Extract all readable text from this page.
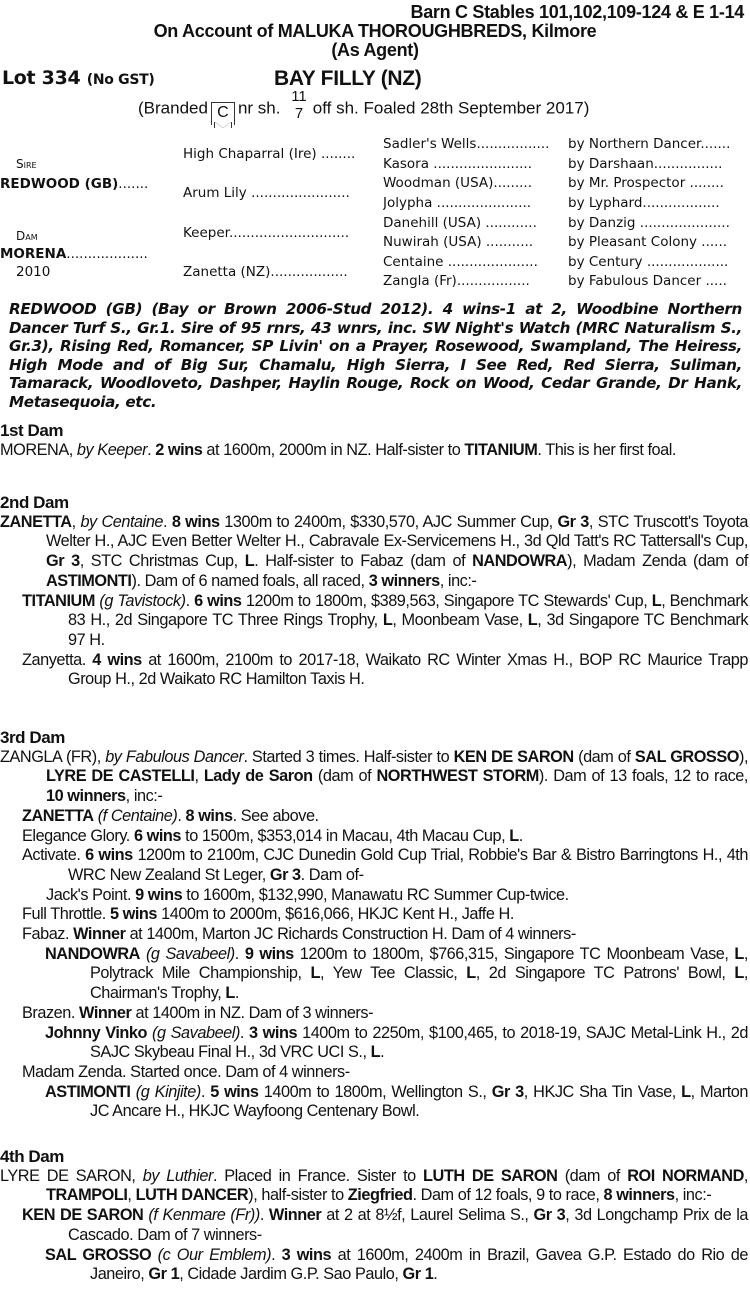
Barn C Stables 101,102,109-124 & E 1-14
On Account of MALUKA THOROUGHBREDS, Kilmore
(As Agent)
Lot 334 (No GST)	BAY FILLY (NZ)
(Branded C nr sh. 11
7 off sh. Foaled 28th September 2017)
Sire
REDWOOD (GB).......
Dam
MORENA...................
2010
High Chaparral (Ire) ........
Arum Lily .......................
Keeper............................
Zanetta (NZ)..................
Sadler's Wells.................	by Northern Dancer.......
Kasora .......................	by Darshaan................
Woodman (USA).........	by Mr. Prospector ........
Jolypha ......................	by Lyphard..................
Danehill (USA) ............	by Danzig .....................
Nuwirah (USA) ...........	by Pleasant Colony ......
Centaine .....................	by Century ...................
Zangla (Fr).................	by Fabulous Dancer .....
REDWOOD (GB) (Bay or Brown 2006-Stud 2012). 4 wins-1 at 2, Woodbine Northern Dancer Turf S., Gr.1. Sire of 95 rnrs, 43 wnrs, inc. SW Night's Watch (MRC Naturalism S., Gr.3), Rising Red, Romancer, SP Livin' on a Prayer, Rosewood, Swampland, The Heiress, High Mode and of Big Sur, Chamalu, High Sierra, I See Red, Red Sierra, Suliman, Tamarack, Woodloveto, Dashper, Haylin Rouge, Rock on Wood, Cedar Grande, Dr Hank, Metasequoia, etc.
1st Dam
MORENA, by Keeper. 2 wins at 1600m, 2000m in NZ. Half-sister to TITANIUM. This is her first foal.
2nd Dam
ZANETTA, by Centaine. 8 wins 1300m to 2400m, $330,570, AJC Summer Cup, Gr 3, STC Truscott's Toyota Welter H., AJC Even Better Welter H., Cabravale Ex-Servicemens H., 3d Qld Tatt's RC Tattersall's Cup, Gr 3, STC Christmas Cup, L. Half-sister to Fabaz (dam of NANDOWRA), Madam Zenda (dam of ASTIMONTI). Dam of 6 named foals, all raced, 3 winners, inc:-
TITANIUM (g Tavistock). 6 wins 1200m to 1800m, $389,563, Singapore TC Stewards' Cup, L, Benchmark 83 H., 2d Singapore TC Three Rings Trophy, L, Moonbeam Vase, L, 3d Singapore TC Benchmark 97 H.
Zanyetta. 4 wins at 1600m, 2100m to 2017-18, Waikato RC Winter Xmas H., BOP RC Maurice Trapp Group H., 2d Waikato RC Hamilton Taxis H.
3rd Dam
ZANGLA (FR), by Fabulous Dancer. Started 3 times. Half-sister to KEN DE SARON (dam of SAL GROSSO), LYRE DE CASTELLI, Lady de Saron (dam of NORTHWEST STORM). Dam of 13 foals, 12 to race, 10 winners, inc:-
ZANETTA (f Centaine). 8 wins. See above.
Elegance Glory. 6 wins to 1500m, $353,014 in Macau, 4th Macau Cup, L.
Activate. 6 wins 1200m to 2100m, CJC Dunedin Gold Cup Trial, Robbie's Bar & Bistro Barringtons H., 4th WRC New Zealand St Leger, Gr 3. Dam of-
Jack's Point. 9 wins to 1600m, $132,990, Manawatu RC Summer Cup-twice.
Full Throttle. 5 wins 1400m to 2000m, $616,066, HKJC Kent H., Jaffe H.
Fabaz. Winner at 1400m, Marton JC Richards Construction H. Dam of 4 winners-
NANDOWRA (g Savabeel). 9 wins 1200m to 1800m, $766,315, Singapore TC Moonbeam Vase, L, Polytrack Mile Championship, L, Yew Tee Classic, L, 2d Singapore TC Patrons' Bowl, L, Chairman's Trophy, L.
Brazen. Winner at 1400m in NZ. Dam of 3 winners-
Johnny Vinko (g Savabeel). 3 wins 1400m to 2250m, $100,465, to 2018-19, SAJC Metal-Link H., 2d SAJC Skybeau Final H., 3d VRC UCI S., L.
Madam Zenda. Started once. Dam of 4 winners-
ASTIMONTI (g Kinjite). 5 wins 1400m to 1800m, Wellington S., Gr 3, HKJC Sha Tin Vase, L, Marton JC Ancare H., HKJC Wayfoong Centenary Bowl.
4th Dam
LYRE DE SARON, by Luthier. Placed in France. Sister to LUTH DE SARON (dam of ROI NORMAND, TRAMPOLI, LUTH DANCER), half-sister to Ziegfried. Dam of 12 foals, 9 to race, 8 winners, inc:-
KEN DE SARON (f Kenmare (Fr)). Winner at 2 at 8½f, Laurel Selima S., Gr 3, 3d Longchamp Prix de la Cascado. Dam of 7 winners-
SAL GROSSO (c Our Emblem). 3 wins at 1600m, 2400m in Brazil, Gavea G.P. Estado do Rio de Janeiro, Gr 1, Cidade Jardim G.P. Sao Paulo, Gr 1.
